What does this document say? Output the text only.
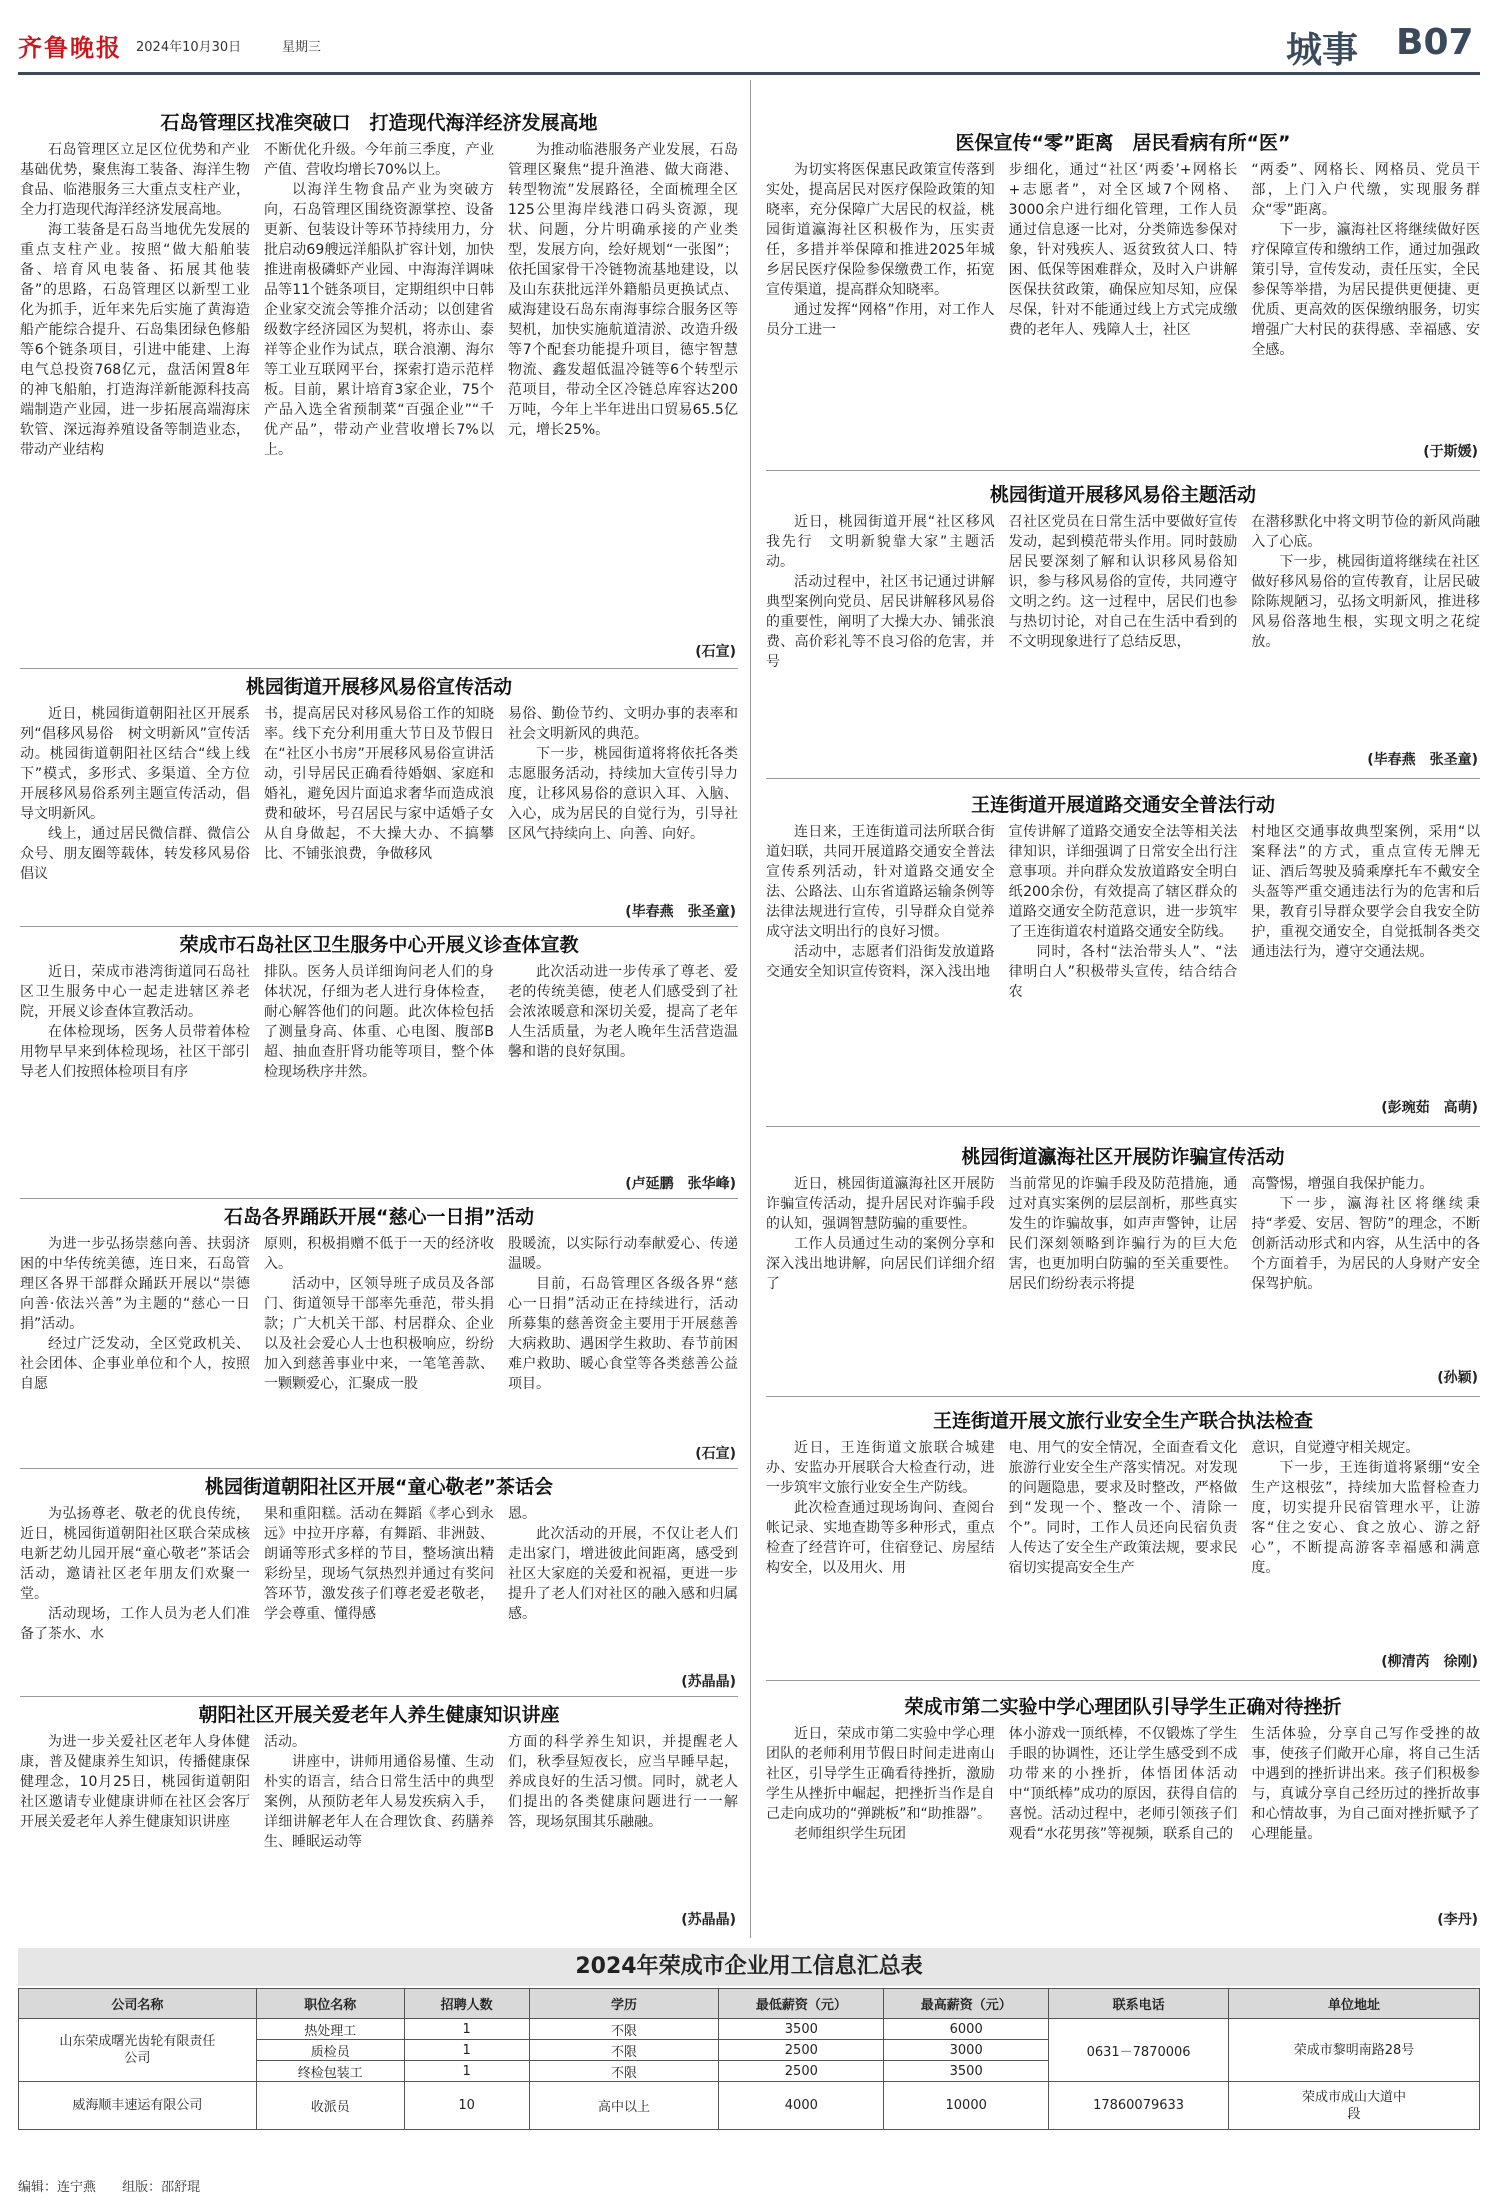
齐鲁晚报 2024年10月30日	星期三	城事 B07
石岛管理区找准突破口　打造现代海洋经济发展高地

石岛管理区立足区位优势和产业基础优势，聚焦海工装备、海洋生物食品、临港服务三大重点支柱产业，全力打造现代海洋经济发展高地。

海工装备是石岛当地优先发展的重点支柱产业。按照“做大船舶装备、培育风电装备、拓展其他装备”的思路，石岛管理区以新型工业化为抓手，近年来先后实施了黄海造船产能综合提升、石岛集团绿色修船等6个链条项目，引进中能建、上海电气总投资768亿元，盘活闲置8年的神飞船舶，打造海洋新能源科技高端制造产业园，进一步拓展高端海床软管、深远海养殖设备等制造业态，带动产业结构

不断优化升级。今年前三季度，产业产值、营收均增长70%以上。

以海洋生物食品产业为突破方向，石岛管理区围绕资源掌控、设备更新、包装设计等环节持续用力，分批启动69艘远洋船队扩容计划，加快推进南极磷虾产业园、中海海洋调味品等11个链条项目，定期组织中日韩企业家交流会等推介活动；以创建省级数字经济园区为契机，将赤山、泰祥等企业作为试点，联合浪潮、海尔等工业互联网平台，探索打造示范样板。目前，累计培育3家企业，75个产品入选全省预制菜“百强企业”“千优产品”，带动产业营收增长7%以上。

为推动临港服务产业发展，石岛管理区聚焦“提升渔港、做大商港、转型物流”发展路径，全面梳理全区125公里海岸线港口码头资源，现状、问题，分片明确承接的产业类型，发展方向，绘好规划“一张图”；依托国家骨干冷链物流基地建设，以及山东获批远洋外籍船员更换试点、威海建设石岛东南海事综合服务区等契机，加快实施航道清淤、改造升级等7个配套功能提升项目，德宇智慧物流、鑫发超低温冷链等6个转型示范项目，带动全区冷链总库容达200万吨，今年上半年进出口贸易65.5亿元，增长25%。

(石宣)
桃园街道开展移风易俗宣传活动

近日，桃园街道朝阳社区开展系列“倡移风易俗　树文明新风”宣传活动。桃园街道朝阳社区结合“线上线下”模式，多形式、多渠道、全方位开展移风易俗系列主题宣传活动，倡导文明新风。

线上，通过居民微信群、微信公众号、朋友圈等载体，转发移风易俗倡议

书，提高居民对移风易俗工作的知晓率。线下充分利用重大节日及节假日在“社区小书房”开展移风易俗宣讲活动，引导居民正确看待婚姻、家庭和婚礼，避免因片面追求奢华而造成浪费和破坏，号召居民与家中适婚子女从自身做起，不大操大办、不搞攀比、不铺张浪费，争做移风

易俗、勤俭节约、文明办事的表率和社会文明新风的典范。

下一步，桃园街道将将依托各类志愿服务活动，持续加大宣传引导力度，让移风易俗的意识入耳、入脑、入心，成为居民的自觉行为，引导社区风气持续向上、向善、向好。

(毕春燕　张圣童)
荣成市石岛社区卫生服务中心开展义诊查体宣教

近日，荣成市港湾街道同石岛社区卫生服务中心一起走进辖区养老院，开展义诊查体宣教活动。

在体检现场，医务人员带着体检用物早早来到体检现场，社区干部引导老人们按照体检项目有序

排队。医务人员详细询问老人们的身体状况，仔细为老人进行身体检查，耐心解答他们的问题。此次体检包括了测量身高、体重、心电图、腹部B超、抽血查肝肾功能等项目，整个体检现场秩序井然。

此次活动进一步传承了尊老、爱老的传统美德，使老人们感受到了社会浓浓暖意和深切关爱，提高了老年人生活质量，为老人晚年生活营造温馨和谐的良好氛围。

(卢延鹏　张华峰)
石岛各界踊跃开展“慈心一日捐”活动

为进一步弘扬崇慈向善、扶弱济困的中华传统美德，连日来，石岛管理区各界干部群众踊跃开展以“崇德向善·依法兴善”为主题的“慈心一日捐”活动。

经过广泛发动，全区党政机关、社会团体、企事业单位和个人，按照自愿

原则，积极捐赠不低于一天的经济收入。

活动中，区领导班子成员及各部门、街道领导干部率先垂范，带头捐款；广大机关干部、村居群众、企业以及社会爱心人士也积极响应，纷纷加入到慈善事业中来，一笔笔善款、一颗颗爱心，汇聚成一股

股暖流，以实际行动奉献爱心、传递温暖。

目前，石岛管理区各级各界“慈心一日捐”活动正在持续进行，活动所募集的慈善资金主要用于开展慈善大病救助、遇困学生救助、春节前困难户救助、暖心食堂等各类慈善公益项目。

(石宣)
桃园街道朝阳社区开展“童心敬老”茶话会

为弘扬尊老、敬老的优良传统，近日，桃园街道朝阳社区联合荣成核电新艺幼儿园开展“童心敬老”茶话会活动，邀请社区老年朋友们欢聚一堂。

活动现场，工作人员为老人们准备了茶水、水

果和重阳糕。活动在舞蹈《孝心到永远》中拉开序幕，有舞蹈、非洲鼓、朗诵等形式多样的节目，整场演出精彩纷呈，现场气氛热烈并通过有奖问答环节，激发孩子们尊老爱老敬老，学会尊重、懂得感

恩。

此次活动的开展，不仅让老人们走出家门，增进彼此间距离，感受到社区大家庭的关爱和祝福，更进一步提升了老人们对社区的融入感和归属感。

(苏晶晶)
朝阳社区开展关爱老年人养生健康知识讲座

为进一步关爱社区老年人身体健康，普及健康养生知识，传播健康保健理念，10月25日，桃园街道朝阳社区邀请专业健康讲师在社区会客厅开展关爱老年人养生健康知识讲座

活动。

讲座中，讲师用通俗易懂、生动朴实的语言，结合日常生活中的典型案例，从预防老年人易发疾病入手，详细讲解老年人在合理饮食、药膳养生、睡眠运动等

方面的科学养生知识，并提醒老人们，秋季昼短夜长，应当早睡早起，养成良好的生活习惯。同时，就老人们提出的各类健康问题进行一一解答，现场氛围其乐融融。

(苏晶晶)
医保宣传“零”距离　居民看病有所“医”

为切实将医保惠民政策宣传落到实处，提高居民对医疗保险政策的知晓率，充分保障广大居民的权益，桃园街道瀛海社区积极作为，压实责任，多措并举保障和推进2025年城乡居民医疗保险参保缴费工作，拓宽宣传渠道，提高群众知晓率。

通过发挥“网格”作用，对工作人员分工进一

步细化，通过“社区‘两委’+网格长+志愿者”，对全区域7个网格、3000余户进行细化管理，工作人员通过信息逐一比对，分类筛选参保对象，针对残疾人、返贫致贫人口、特困、低保等困难群众，及时入户讲解医保扶贫政策，确保应知尽知，应保尽保，针对不能通过线上方式完成缴费的老年人、残障人士，社区

“两委”、网格长、网格员、党员干部，上门入户代缴，实现服务群众“零”距离。

下一步，瀛海社区将继续做好医疗保障宣传和缴纳工作，通过加强政策引导，宣传发动，责任压实，全民参保等举措，为居民提供更便捷、更优质、更高效的医保缴纳服务，切实增强广大村民的获得感、幸福感、安全感。

(于斯媛)
桃园街道开展移风易俗主题活动

近日，桃园街道开展“社区移风我先行　文明新貌靠大家”主题活动。

活动过程中，社区书记通过讲解典型案例向党员、居民讲解移风易俗的重要性，阐明了大操大办、铺张浪费、高价彩礼等不良习俗的危害，并号

召社区党员在日常生活中要做好宣传发动，起到模范带头作用。同时鼓励居民要深刻了解和认识移风易俗知识，参与移风易俗的宣传，共同遵守文明之约。这一过程中，居民们也参与热切讨论，对自己在生活中看到的不文明现象进行了总结反思，

在潜移默化中将文明节俭的新风尚融入了心底。

下一步，桃园街道将继续在社区做好移风易俗的宣传教育，让居民破除陈规陋习，弘扬文明新风，推进移风易俗落地生根，实现文明之花绽放。

(毕春燕　张圣童)
王连街道开展道路交通安全普法行动

连日来，王连街道司法所联合街道妇联，共同开展道路交通安全普法宣传系列活动，针对道路交通安全法、公路法、山东省道路运输条例等法律法规进行宣传，引导群众自觉养成守法文明出行的良好习惯。

活动中，志愿者们沿街发放道路交通安全知识宣传资料，深入浅出地

宣传讲解了道路交通安全法等相关法律知识，详细强调了日常安全出行注意事项。并向群众发放道路安全明白纸200余份，有效提高了辖区群众的道路交通安全防范意识，进一步筑牢了王连街道农村道路交通安全防线。

同时，各村“法治带头人”、“法律明白人”积极带头宣传，结合结合农

村地区交通事故典型案例，采用“以案释法”的方式，重点宣传无牌无证、酒后驾驶及骑乘摩托车不戴安全头盔等严重交通违法行为的危害和后果，教育引导群众要学会自我安全防护，重视交通安全，自觉抵制各类交通违法行为，遵守交通法规。

(彭琬茹　高萌)
桃园街道瀛海社区开展防诈骗宣传活动

近日，桃园街道瀛海社区开展防诈骗宣传活动，提升居民对诈骗手段的认知，强调智慧防骗的重要性。

工作人员通过生动的案例分享和深入浅出地讲解，向居民们详细介绍了

当前常见的诈骗手段及防范措施，通过对真实案例的层层剖析，那些真实发生的诈骗故事，如声声警钟，让居民们深刻领略到诈骗行为的巨大危害，也更加明白防骗的至关重要性。居民们纷纷表示将提

高警惕，增强自我保护能力。

下一步，瀛海社区将继续秉持“孝爱、安居、智防”的理念，不断创新活动形式和内容，从生活中的各个方面着手，为居民的人身财产安全保驾护航。

(孙颖)
王连街道开展文旅行业安全生产联合执法检查

近日，王连街道文旅联合城建办、安监办开展联合大检查行动，进一步筑牢文旅行业安全生产防线。

此次检查通过现场询问、查阅台帐记录、实地查勘等多种形式，重点检查了经营许可，住宿登记、房屋结构安全，以及用火、用

电、用气的安全情况，全面查看文化旅游行业安全生产落实情况。对发现的问题隐患，要求及时整改，严格做到“发现一个、整改一个、清除一个”。同时，工作人员还向民宿负责人传达了安全生产政策法规，要求民宿切实提高安全生产

意识，自觉遵守相关规定。

下一步，王连街道将紧绷“安全生产这根弦”，持续加大监督检查力度，切实提升民宿管理水平，让游客“住之安心、食之放心、游之舒心”，不断提高游客幸福感和满意度。

(柳清芮　徐刚)
荣成市第二实验中学心理团队引导学生正确对待挫折

近日，荣成市第二实验中学心理团队的老师利用节假日时间走进南山社区，引导学生正确看待挫折，激励学生从挫折中崛起，把挫折当作是自己走向成功的“弹跳板”和“助推器”。

老师组织学生玩团

体小游戏一顶纸棒，不仅锻炼了学生手眼的协调性，还让学生感受到不成功带来的小挫折，体悟团体活动中“顶纸棒”成功的原因，获得自信的喜悦。活动过程中，老师引领孩子们观看“水花男孩”等视频，联系自己的

生活体验，分享自己写作受挫的故事，使孩子们敞开心扉，将自己生活中遇到的挫折讲出来。孩子们积极参与，真诚分享自己经历过的挫折故事和心情故事，为自己面对挫折赋予了心理能量。

(李丹)
2024年荣成市企业用工信息汇总表
公司名称	职位名称	招聘人数	学历	最低薪资（元）	最高薪资（元）	联系电话	单位地址
山东荣成曙光齿轮有限责任公司	热处理工	1	不限	3500	6000	0631－7870006	荣成市黎明南路28号
	质检员	1	不限	2500	3000		
	终检包装工	1	不限	2500	3500		
威海顺丰速运有限公司	收派员	10	高中以上	4000	10000	17860079633	荣成市成山大道中段
编辑：连宁燕 组版：邵舒琨
